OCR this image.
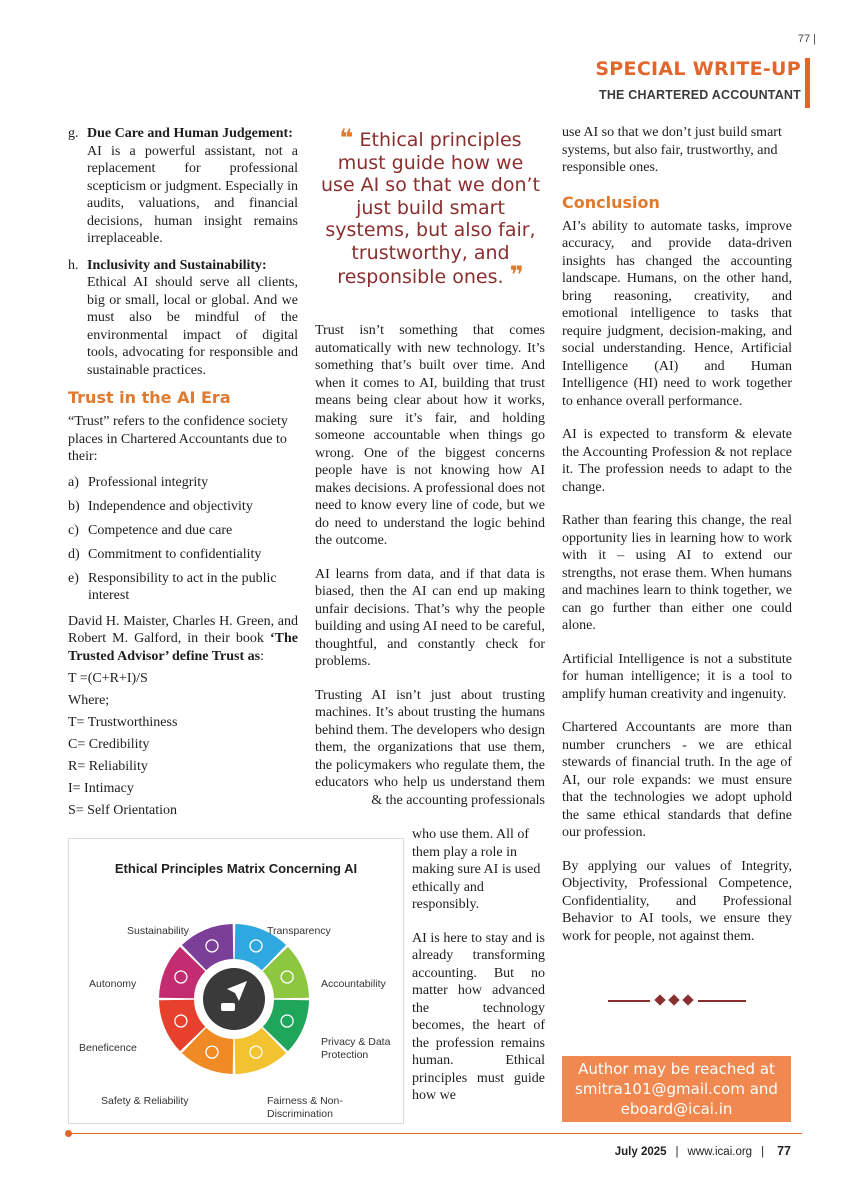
77 |
SPECIAL WRITE-UP
THE CHARTERED ACCOUNTANT
g. Due Care and Human Judgement:
AI is a powerful assistant, not a replacement for professional scepticism or judgment. Especially in audits, valuations, and financial decisions, human insight remains irreplaceable.
h. Inclusivity and Sustainability:
Ethical AI should serve all clients, big or small, local or global. And we must also be mindful of the environmental impact of digital tools, advocating for responsible and sustainable practices.
Trust in the AI Era

“Trust” refers to the confidence society places in Chartered Accountants due to their:

a) Professional integrity
b) Independence and objectivity
c) Competence and due care
d) Commitment to confidentiality
e) Responsibility to act in the public interest

David H. Maister, Charles H. Green, and Robert M. Galford, in their book ‘The Trusted Advisor’ define Trust as:

T =(C+R+I)/S

Where;

T= Trustworthiness

C= Credibility

R= Reliability

I= Intimacy

S= Self Orientation

❝ Ethical principles must guide how we use AI so that we don’t just build smart systems, but also fair, trustworthy, and responsible ones. ❞

Trust isn’t something that comes automatically with new technology. It’s something that’s built over time. And when it comes to AI, building that trust means being clear about how it works, making sure it’s fair, and holding someone accountable when things go wrong. One of the biggest concerns people have is not knowing how AI makes decisions. A professional does not need to know every line of code, but we do need to understand the logic behind the outcome.

AI learns from data, and if that data is biased, then the AI can end up making unfair decisions. That’s why the people building and using AI need to be careful, thoughtful, and constantly check for problems.

Trusting AI isn’t just about trusting machines. It’s about trusting the humans behind them. The developers who design them, the organizations that use them, the policymakers who regulate them, the educators who help us understand them & the accounting professionals

who use them. All of them play a role in making sure AI is used ethically and responsibly.

AI is here to stay and is already transforming accounting. But no matter how advanced the technology becomes, the heart of the profession remains human. Ethical principles must guide how we

use AI so that we don’t just build smart systems, but also fair, trustworthy, and responsible ones.

Conclusion

AI’s ability to automate tasks, improve accuracy, and provide data-driven insights has changed the accounting landscape. Humans, on the other hand, bring reasoning, creativity, and emotional intelligence to tasks that require judgment, decision-making, and social understanding. Hence, Artificial Intelligence (AI) and Human Intelligence (HI) need to work together to enhance overall performance.

AI is expected to transform & elevate the Accounting Profession & not replace it. The profession needs to adapt to the change.

Rather than fearing this change, the real opportunity lies in learning how to work with it – using AI to extend our strengths, not erase them. When humans and machines learn to think together, we can go further than either one could alone.

Artificial Intelligence is not a substitute for human intelligence; it is a tool to amplify human creativity and ingenuity.

Chartered Accountants are more than number crunchers - we are ethical stewards of financial truth. In the age of AI, our role expands: we must ensure that the technologies we adopt uphold the same ethical standards that define our profession.

By applying our values of Integrity, Objectivity, Professional Competence, Confidentiality, and Professional Behavior to AI tools, we ensure they work for people, not against them.

Author may be reached at
smitra101@gmail.com and
eboard@icai.in
Ethical Principles Matrix Concerning AI
Sustainability	Transparency
Autonomy	Accountability
Privacy & Data
Protection
Beneficence
Safety & Reliability	Fairness & Non-
Discrimination
July 2025 | www.icai.org | 77
